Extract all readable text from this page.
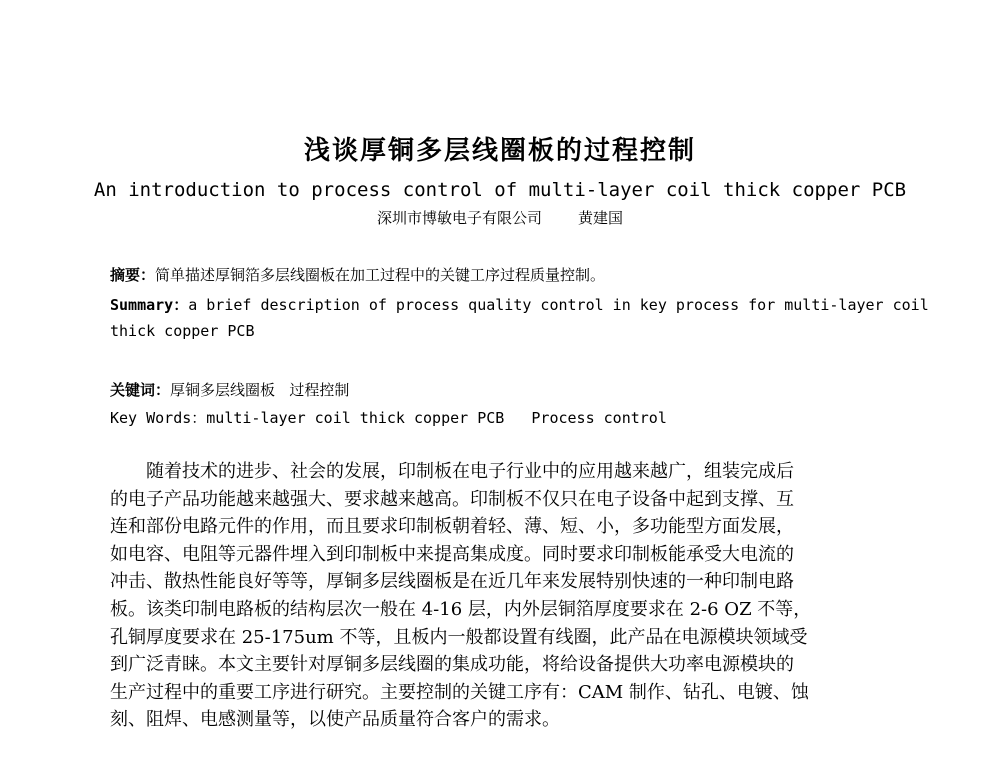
浅谈厚铜多层线圈板的过程控制
An introduction to process control of multi-layer coil thick copper PCB
深圳市博敏电子有限公司 黄建国
摘要：简单描述厚铜箔多层线圈板在加工过程中的关键工序过程质量控制。
Summary：a brief description of process quality control in key process for multi-layer coil
thick copper PCB
关键词：厚铜多层线圈板   过程控制
Key Words：multi-layer coil thick copper PCB   Process control

随着技术的进步、社会的发展，印制板在电子行业中的应用越来越广，组装完成后
的电子产品功能越来越强大、要求越来越高。印制板不仅只在电子设备中起到支撑、互
连和部份电路元件的作用，而且要求印制板朝着轻、薄、短、小，多功能型方面发展，
如电容、电阻等元器件埋入到印制板中来提高集成度。同时要求印制板能承受大电流的
冲击、散热性能良好等等，厚铜多层线圈板是在近几年来发展特别快速的一种印制电路
板。该类印制电路板的结构层次一般在 4-16 层，内外层铜箔厚度要求在 2-6 OZ 不等，
孔铜厚度要求在 25-175um 不等，且板内一般都设置有线圈，此产品在电源模块领域受
到广泛青睐。本文主要针对厚铜多层线圈的集成功能，将给设备提供大功率电源模块的
生产过程中的重要工序进行研究。主要控制的关键工序有：CAM 制作、钻孔、电镀、蚀
刻、阻焊、电感测量等，以使产品质量符合客户的需求。
